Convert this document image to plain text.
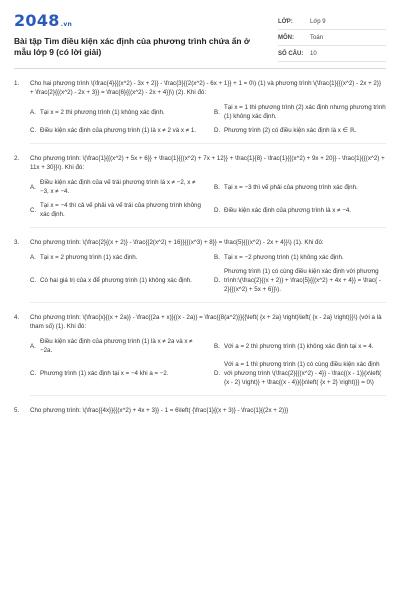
2048.vn
Bài tập Tìm điều kiện xác định của phương trình chứa ẩn ở mẫu lớp 9 (có lời giải)
LỚP:	Lớp 9
MÔN:	Toán
SỐ CÂU:	10
1.	Cho hai phương trình \(\frac{4}{{(x^2) - 3x + 2}} - \frac{3}{{2(x^2) - 6x + 1}} + 1 = 0\) (1) và phương trình \(\frac{1}{{(x^2) - 2x + 2}} + \frac{2}{{(x^2) - 2x + 3}} = \frac{6}{{(x^2) - 2x + 4}}\) (2). Khi đó:
A. Tại x = 2 thì phương trình (1) không xác định.	B.
Tại x = 1 thì phương trình (2) xác định nhưng phương trình (1) không xác định.
C. Điều kiện xác định của phương trình (1) là x ≠ 2 và x ≠ 1.	D. Phương trình (2) có điều kiện xác định là x ∈ ℝ.
2.	Cho phương trình: \(\frac{1}{{(x^2) + 5x + 6}} + \frac{1}{{(x^2) + 7x + 12}} + \frac{1}{8} - \frac{1}{{(x^2) + 9x + 20}} - \frac{1}{{(x^2) + 11x + 30}}\). Khi đó:
A.
Điều kiện xác định của vế trái phương trình là x ≠ −2, x ≠ −3, x ≠ −4.
B. Tại x = −3 thì vế phải của phương trình xác định.
C.
Tại x = −4 thì cả vế phải và vế trái của phương trình không xác định.
D. Điều kiện xác định của phương trình là x ≠ −4.
3.	Cho phương trình: \(\frac{2}{(x + 2)} - \frac{{2(x^2) + 16}}{{(x^3) + 8}} = \frac{5}{{(x^2) - 2x + 4}}\) (1). Khi đó:
A. Tại x = 2 phương trình (1) xác định.	B. Tại x = −2 phương trình (1) không xác định.
C. Có hai giá trị của x để phương trình (1) không xác định.	D.
Phương trình (1) có cùng điều kiện xác định với phương trình:\(\frac{2}{(x + 2)} + \frac{5}{{(x^2) + 4x + 4}} = \frac{ - 2}{{(x^2) + 5x + 6}}\).
4.	Cho phương trình: \(\frac{x}{(x + 2a)} - \frac{(2a + x)}{(x - 2a)} = \frac{{8(a^2)}}{{\left( {x + 2a} \right)\left( {x - 2a} \right)}}\) (với a là tham số) (1). Khi đó:
A.
Điều kiện xác định của phương trình (1) là x ≠ 2a và x ≠ −2a.
B. Với a = 2 thì phương trình (1) không xác định tại x = 4.
C. Phương trình (1) xác định tại x = −4 khi a = −2.	D.
Với a = 1 thì phương trình (1) có cùng điều kiện xác định với phương trình \(\frac{2}{{(x^2) - 4}} - \frac{(x - 1)}{x\left( {x - 2} \right)} + \frac{(x - 4)}{{x\left( {x + 2} \right)}} = 0\)
5.	Cho phương trình: \(\frac{{4x}}{{(x^2) + 4x + 3}} - 1 = 6\left( {\frac{1}{(x + 3)} - \frac{1}{(2x + 2)}}
